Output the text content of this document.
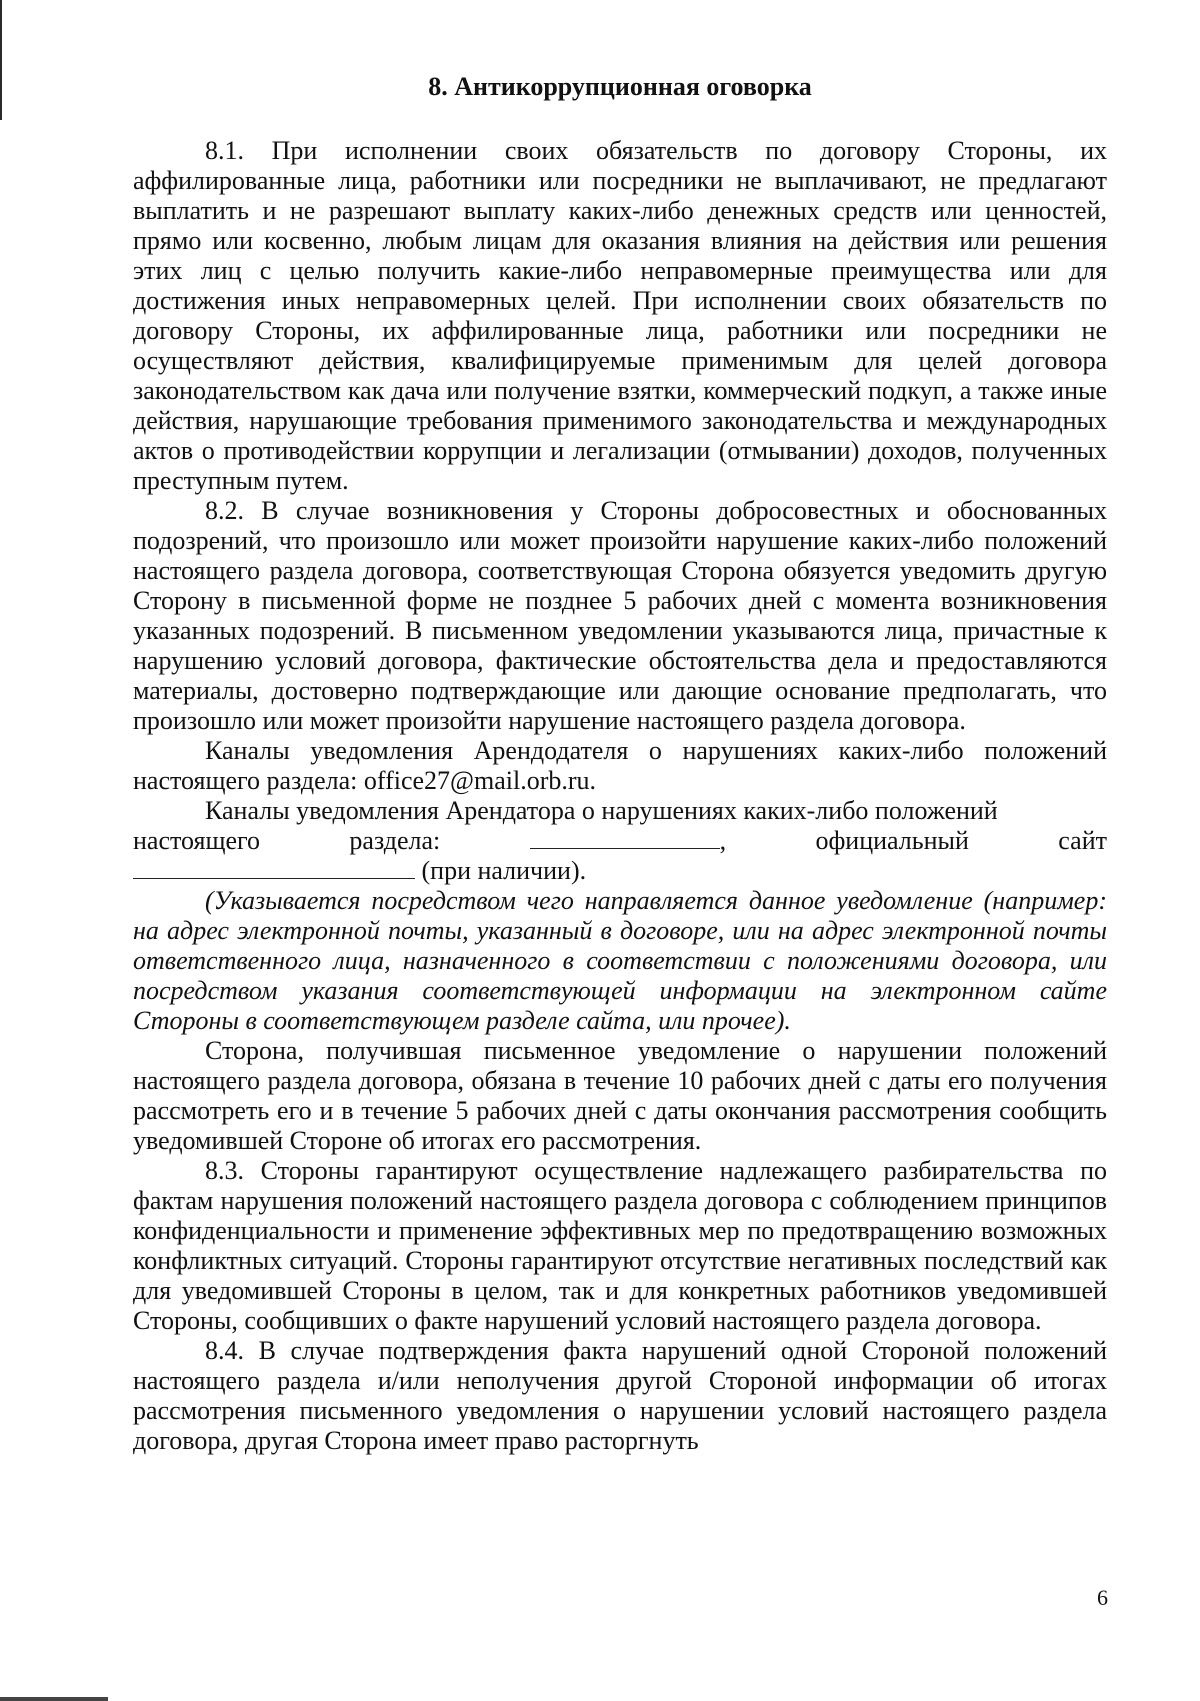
8. Антикоррупционная оговорка

8.1. При исполнении своих обязательств по договору Стороны, их аффилированные лица, работники или посредники не выплачивают, не предлагают выплатить и не разрешают выплату каких-либо денежных средств или ценностей, прямо или косвенно, любым лицам для оказания влияния на действия или решения этих лиц с целью получить какие-либо неправомерные преимущества или для достижения иных неправомерных целей. При исполнении своих обязательств по договору Стороны, их аффилированные лица, работники или посредники не осуществляют действия, квалифицируемые применимым для целей договора законодательством как дача или получение взятки, коммерческий подкуп, а также иные действия, нарушающие требования применимого законодательства и международных актов о противодействии коррупции и легализации (отмывании) доходов, полученных преступным путем.

8.2. В случае возникновения у Стороны добросовестных и обоснованных подозрений, что произошло или может произойти нарушение каких-либо положений настоящего раздела договора, соответствующая Сторона обязуется уведомить другую Сторону в письменной форме не позднее 5 рабочих дней с момента возникновения указанных подозрений. В письменном уведомлении указываются лица, причастные к нарушению условий договора, фактические обстоятельства дела и предоставляются материалы, достоверно подтверждающие или дающие основание предполагать, что произошло или может произойти нарушение настоящего раздела договора.

Каналы уведомления Арендодателя о нарушениях каких-либо положений настоящего раздела: office27@mail.orb.ru.

Каналы уведомления Арендатора о нарушениях каких-либо положений

настоящего	раздела:	,	официальный	сайт
(при наличии).

(Указывается посредством чего направляется данное уведомление (например: на адрес электронной почты, указанный в договоре, или на адрес электронной почты ответственного лица, назначенного в соответствии с положениями договора, или посредством указания соответствующей информации на электронном сайте Стороны в соответствующем разделе сайта, или прочее).

Сторона, получившая письменное уведомление о нарушении положений настоящего раздела договора, обязана в течение 10 рабочих дней с даты его получения рассмотреть его и в течение 5 рабочих дней с даты окончания рассмотрения сообщить уведомившей Стороне об итогах его рассмотрения.

8.3. Стороны гарантируют осуществление надлежащего разбирательства по фактам нарушения положений настоящего раздела договора с соблюдением принципов конфиденциальности и применение эффективных мер по предотвращению возможных конфликтных ситуаций. Стороны гарантируют отсутствие негативных последствий как для уведомившей Стороны в целом, так и для конкретных работников уведомившей Стороны, сообщивших о факте нарушений условий настоящего раздела договора.

8.4. В случае подтверждения факта нарушений одной Стороной положений настоящего раздела и/или неполучения другой Стороной информации об итогах рассмотрения письменного уведомления о нарушении условий настоящего раздела договора, другая Сторона имеет право расторгнуть

6
